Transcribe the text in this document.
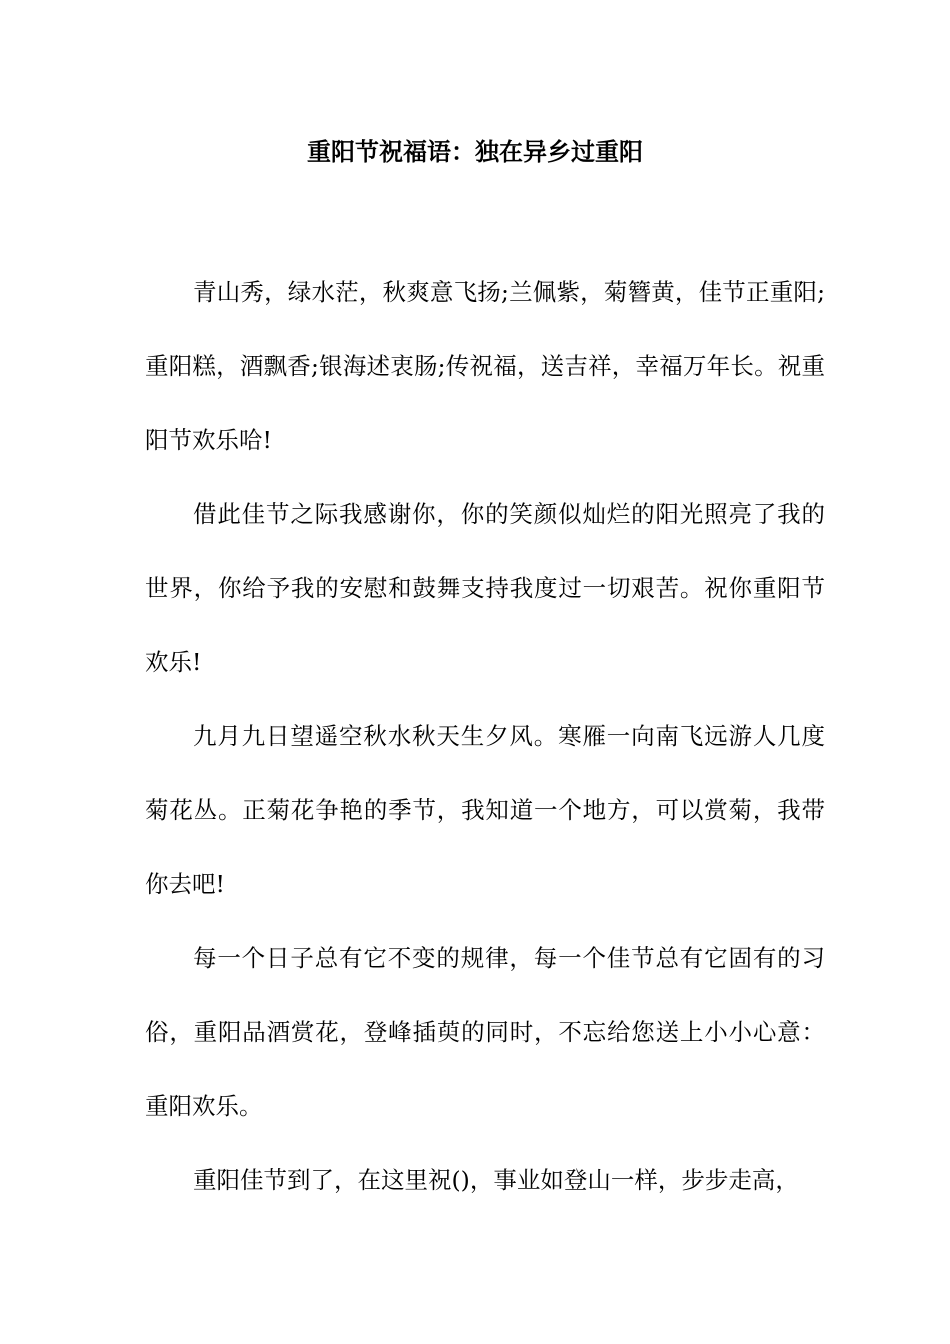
重阳节祝福语：独在异乡过重阳

青山秀，绿水茫，秋爽意飞扬;兰佩紫，菊簪黄，佳节正重阳;重阳糕，酒飘香;银海述衷肠;传祝福，送吉祥，幸福万年长。祝重阳节欢乐哈!

借此佳节之际我感谢你，你的笑颜似灿烂的阳光照亮了我的世界，你给予我的安慰和鼓舞支持我度过一切艰苦。祝你重阳节欢乐!

九月九日望遥空秋水秋天生夕风。寒雁一向南飞远游人几度菊花丛。正菊花争艳的季节，我知道一个地方，可以赏菊，我带你去吧!

每一个日子总有它不变的规律，每一个佳节总有它固有的习俗，重阳品酒赏花，登峰插萸的同时，不忘给您送上小小心意：重阳欢乐。

重阳佳节到了，在这里祝()，事业如登山一样，步步走高，
